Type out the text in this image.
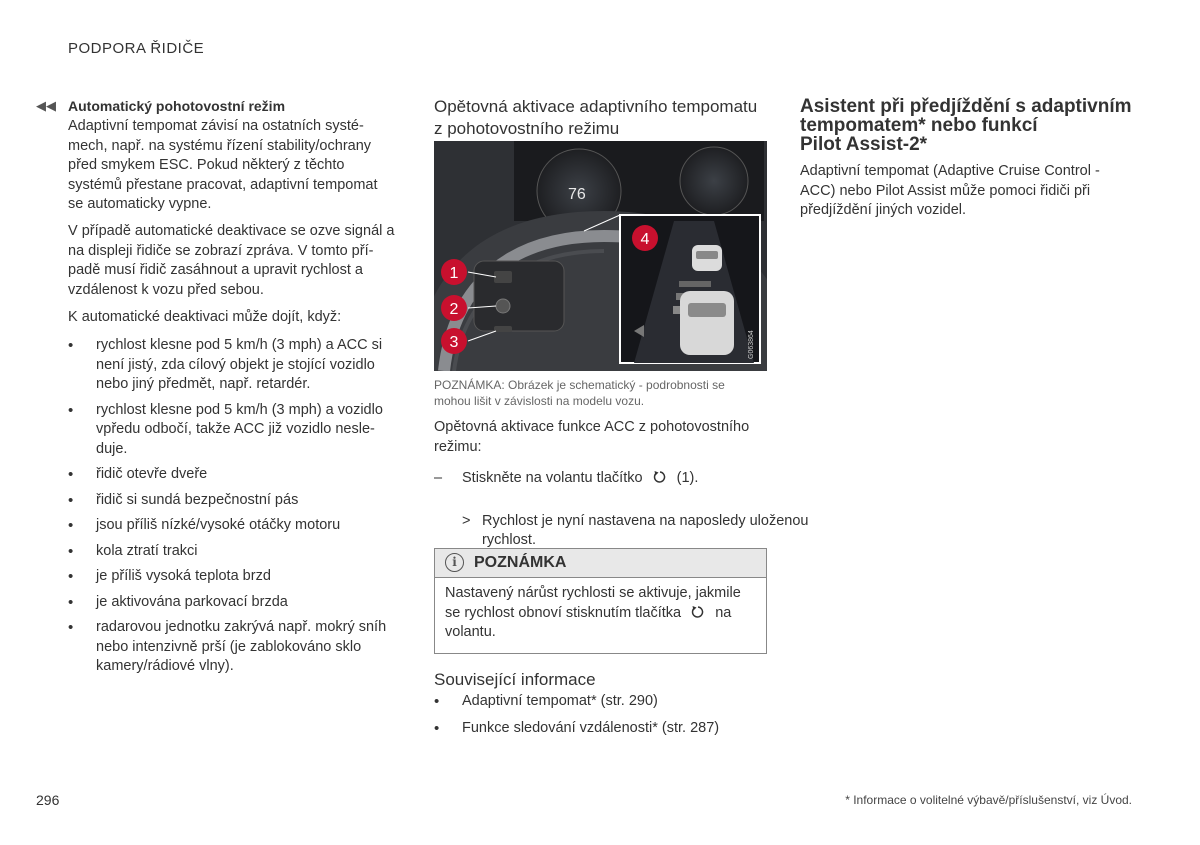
PODPORA ŘIDIČE
◀◀ Automatický pohotovostní režim

Adaptivní tempomat závisí na ostatních systé-mech, např. na systému řízení stability/ochrany před smykem ESC. Pokud některý z těchto systémů přestane pracovat, adaptivní tempomat se automaticky vypne.

V případě automatické deaktivace se ozve signál a na displeji řidiče se zobrazí zpráva. V tomto pří-padě musí řidič zasáhnout a upravit rychlost a vzdálenost k vozu před sebou.

K automatické deaktivaci může dojít, když:

• rychlost klesne pod 5 km/h (3 mph) a ACC si není jistý, zda cílový objekt je stojící vozidlo nebo jiný předmět, např. retardér.
• rychlost klesne pod 5 km/h (3 mph) a vozidlo vpředu odbočí, takže ACC již vozidlo nesle-duje.
• řidič otevře dveře
• řidič si sundá bezpečnostní pás
• jsou příliš nízké/vysoké otáčky motoru
• kola ztratí trakci
• je příliš vysoká teplota brzd
• je aktivována parkovací brzda
• radarovou jednotku zakrývá např. mokrý sníh nebo intenzivně prší (je zablokováno sklo kamery/rádiové vlny).
Opětovná aktivace adaptivního tempomatu z pohotovostního režimu
76
G063864
1
2
3
4
POZNÁMKA: Obrázek je schematický - podrobnosti se mohou lišit v závislosti na modelu vozu.

Opětovná aktivace funkce ACC z pohotovostního režimu:

– Stiskněte na volantu tlačítko (1).
> Rychlost je nyní nastavena na naposledy uloženou rychlost.
i	POZNÁMKA
Nastavený nárůst rychlosti se aktivuje, jakmile se rychlost obnoví stisknutím tlačítka na volantu.
Související informace
• Adaptivní tempomat* (str. 290)
• Funkce sledování vzdálenosti* (str. 287)
Asistent při předjíždění s adaptivním
tempomatem* nebo funkcí
Pilot Assist-2*

Adaptivní tempomat (Adaptive Cruise Control - ACC) nebo Pilot Assist může pomoci řidiči při předjíždění jiných vozidel.

296	* Informace o volitelné výbavě/příslušenství, viz Úvod.
